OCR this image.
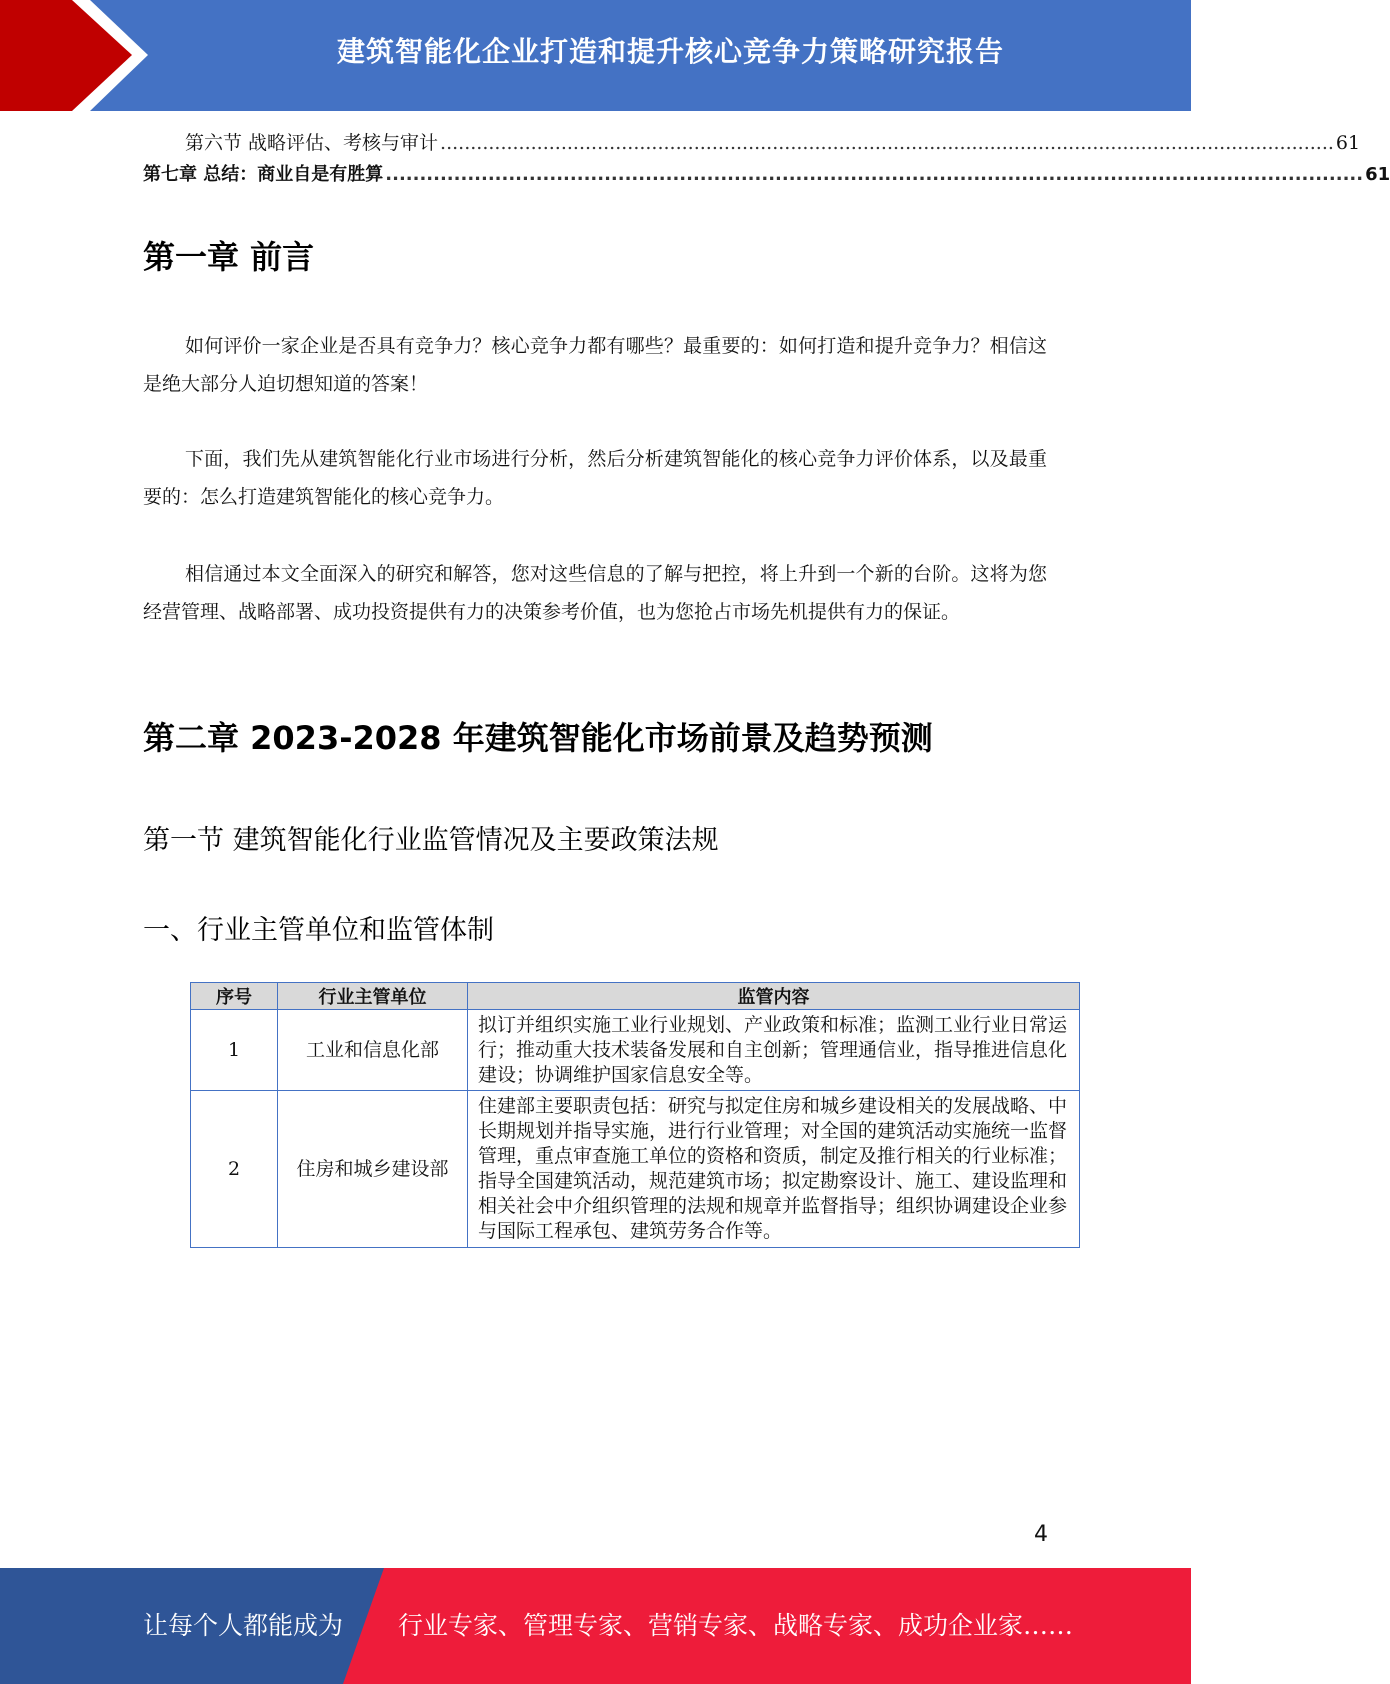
建筑智能化企业打造和提升核心竞争力策略研究报告
第六节 战略评估、考核与审计 .................................................................................................................................................... 61
第七章 总结：商业自是有胜算 ............................................................................................................................................... 61
第一章 前言

如何评价一家企业是否具有竞争力？核心竞争力都有哪些？最重要的：如何打造和提升竞争力？相信这是绝大部分人迫切想知道的答案！

下面，我们先从建筑智能化行业市场进行分析，然后分析建筑智能化的核心竞争力评价体系，以及最重要的：怎么打造建筑智能化的核心竞争力。

相信通过本文全面深入的研究和解答，您对这些信息的了解与把控，将上升到一个新的台阶。这将为您经营管理、战略部署、成功投资提供有力的决策参考价值，也为您抢占市场先机提供有力的保证。

第二章 2023-2028 年建筑智能化市场前景及趋势预测
第一节 建筑智能化行业监管情况及主要政策法规
一、行业主管单位和监管体制
序号	行业主管单位	监管内容
1	工业和信息化部	拟订并组织实施工业行业规划、产业政策和标准；监测工业行业日常运行；推动重大技术装备发展和自主创新；管理通信业，指导推进信息化建设；协调维护国家信息安全等。
2	住房和城乡建设部	住建部主要职责包括：研究与拟定住房和城乡建设相关的发展战略、中长期规划并指导实施，进行行业管理；对全国的建筑活动实施统一监督管理，重点审查施工单位的资格和资质，制定及推行相关的行业标准；指导全国建筑活动，规范建筑市场；拟定勘察设计、施工、建设监理和相关社会中介组织管理的法规和规章并监督指导；组织协调建设企业参与国际工程承包、建筑劳务合作等。
4
让每个人都能成为 行业专家、管理专家、营销专家、战略专家、成功企业家……
